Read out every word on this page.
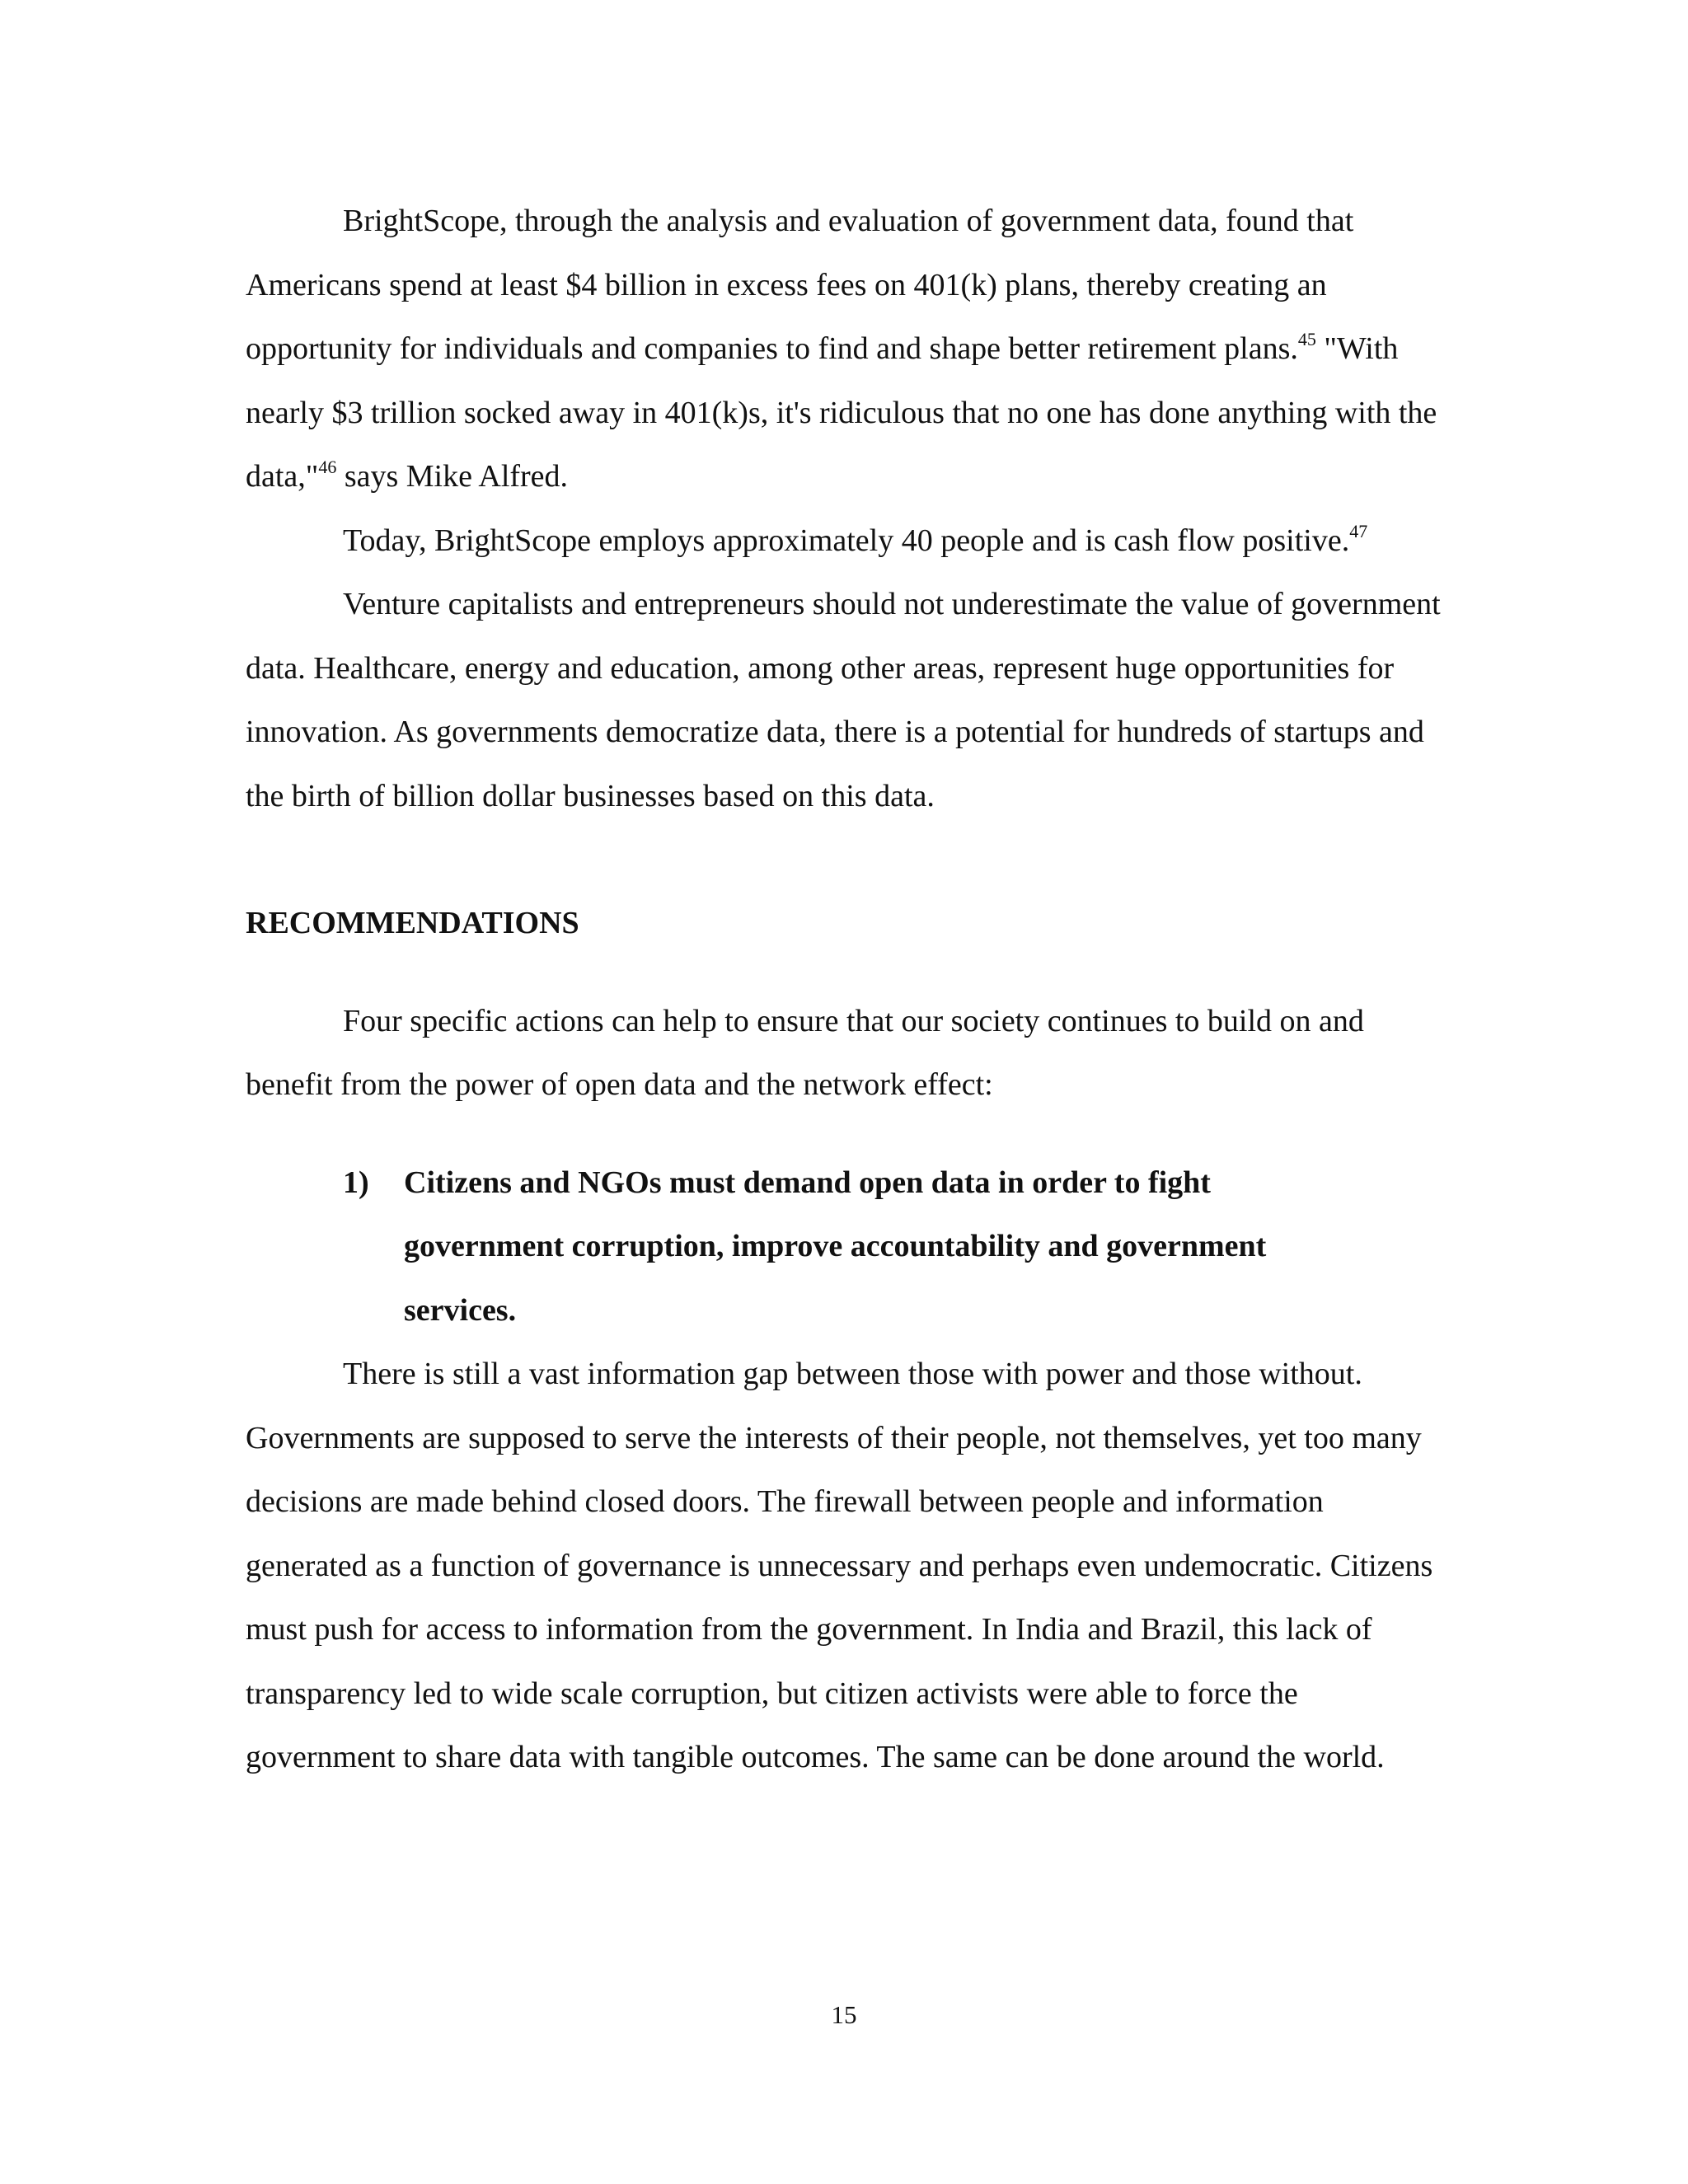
BrightScope, through the analysis and evaluation of government data, found that Americans spend at least $4 billion in excess fees on 401(k) plans, thereby creating an opportunity for individuals and companies to find and shape better retirement plans.$^{45}$ "With nearly $3 trillion socked away in 401(k)s, it's ridiculous that no one has done anything with the data,"$^{46}$ says Mike Alfred.

Today, BrightScope employs approximately 40 people and is cash flow positive.$^{47}$

Venture capitalists and entrepreneurs should not underestimate the value of government data. Healthcare, energy and education, among other areas, represent huge opportunities for innovation. As governments democratize data, there is a potential for hundreds of startups and the birth of billion dollar businesses based on this data.

RECOMMENDATIONS

Four specific actions can help to ensure that our society continues to build on and benefit from the power of open data and the network effect:

1)	Citizens and NGOs must demand open data in order to fight government corruption, improve accountability and government services.

There is still a vast information gap between those with power and those without. Governments are supposed to serve the interests of their people, not themselves, yet too many decisions are made behind closed doors. The firewall between people and information generated as a function of governance is unnecessary and perhaps even undemocratic. Citizens must push for access to information from the government. In India and Brazil, this lack of transparency led to wide scale corruption, but citizen activists were able to force the government to share data with tangible outcomes. The same can be done around the world.

15
